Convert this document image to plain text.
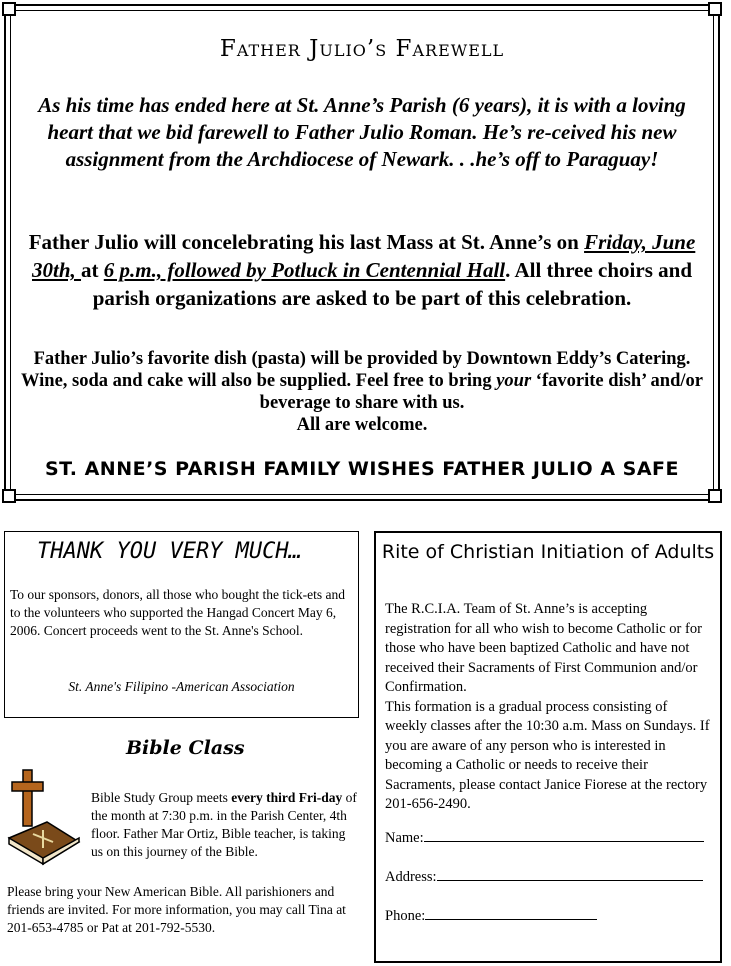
Father Julio’s Farewell
As his time has ended here at St. Anne’s Parish (6 years), it is with a loving heart that we bid farewell to Father Julio Roman. He’s re-ceived his new assignment from the Archdiocese of Newark. . .he’s off to Paraguay!
Father Julio will concelebrating his last Mass at St. Anne’s on Friday, June 30th, at 6 p.m., followed by Potluck in Centennial Hall. All three choirs and parish organizations are asked to be part of this celebration.
Father Julio’s favorite dish (pasta) will be provided by Downtown Eddy’s Catering. Wine, soda and cake will also be supplied. Feel free to bring your ‘favorite dish’ and/or beverage to share with us.
All are welcome.
ST. ANNE’S PARISH FAMILY WISHES FATHER JULIO A SAFE
THANK YOU VERY MUCH…
To our sponsors, donors, all those who bought the tick-ets and to the volunteers who supported the Hangad Concert May 6, 2006. Concert proceeds went to the St. Anne's School.
St. Anne's Filipino -American Association
Bible Class
Bible Study Group meets every third Fri-day of the month at 7:30 p.m. in the Parish Center, 4th floor. Father Mar Ortiz, Bible teacher, is taking us on this journey of the Bible.
Please bring your New American Bible. All parishioners and friends are invited. For more information, you may call Tina at 201-653-4785 or Pat at 201-792-5530.
Rite of Christian Initiation of Adults
The R.C.I.A. Team of St. Anne’s is accepting registration for all who wish to become Catholic or for those who have been baptized Catholic and have not received their Sacraments of First Communion and/or Confirmation.
This formation is a gradual process consisting of weekly classes after the 10:30 a.m. Mass on Sundays. If you are aware of any person who is interested in becoming a Catholic or needs to receive their Sacraments, please contact Janice Fiorese at the rectory 201-656-2490.
Name:
Address:
Phone:
